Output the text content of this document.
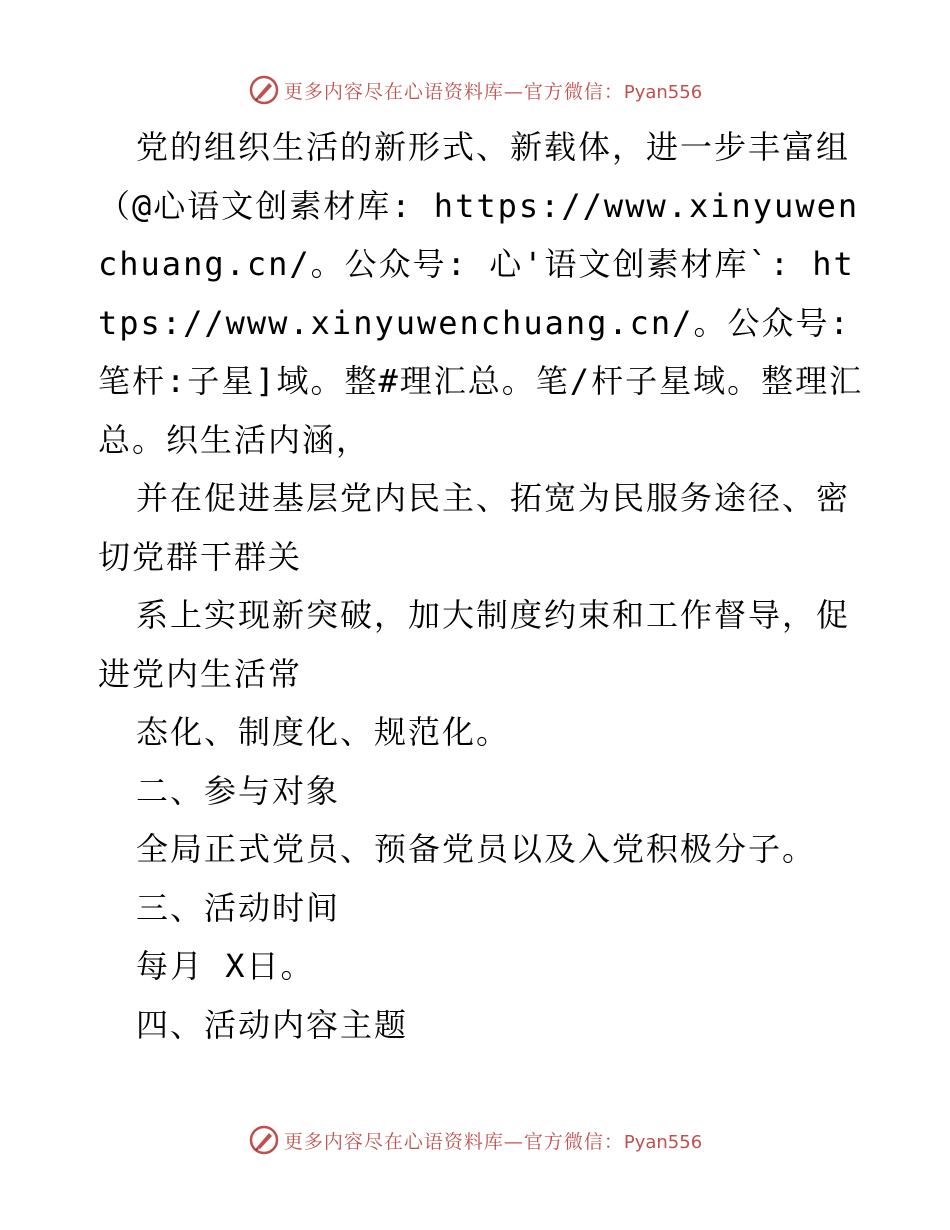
更多内容尽在心语资料库—官方微信：Pyan556

党的组织生活的新形式、新载体，进一步丰富组（@心语文创素材库: https://www.xinyuwenchuang.cn/。公众号: 心'语文创素材库`: https://www.xinyuwenchuang.cn/。公众号: 笔杆:子星]域。整#理汇总。笔/杆子星域。整理汇总。织生活内涵，

并在促进基层党内民主、拓宽为民服务途径、密切党群干群关

系上实现新突破，加大制度约束和工作督导，促进党内生活常

态化、制度化、规范化。

二、参与对象

全局正式党员、预备党员以及入党积极分子。

三、活动时间

每月 X日。

四、活动内容主题

更多内容尽在心语资料库—官方微信：Pyan556
